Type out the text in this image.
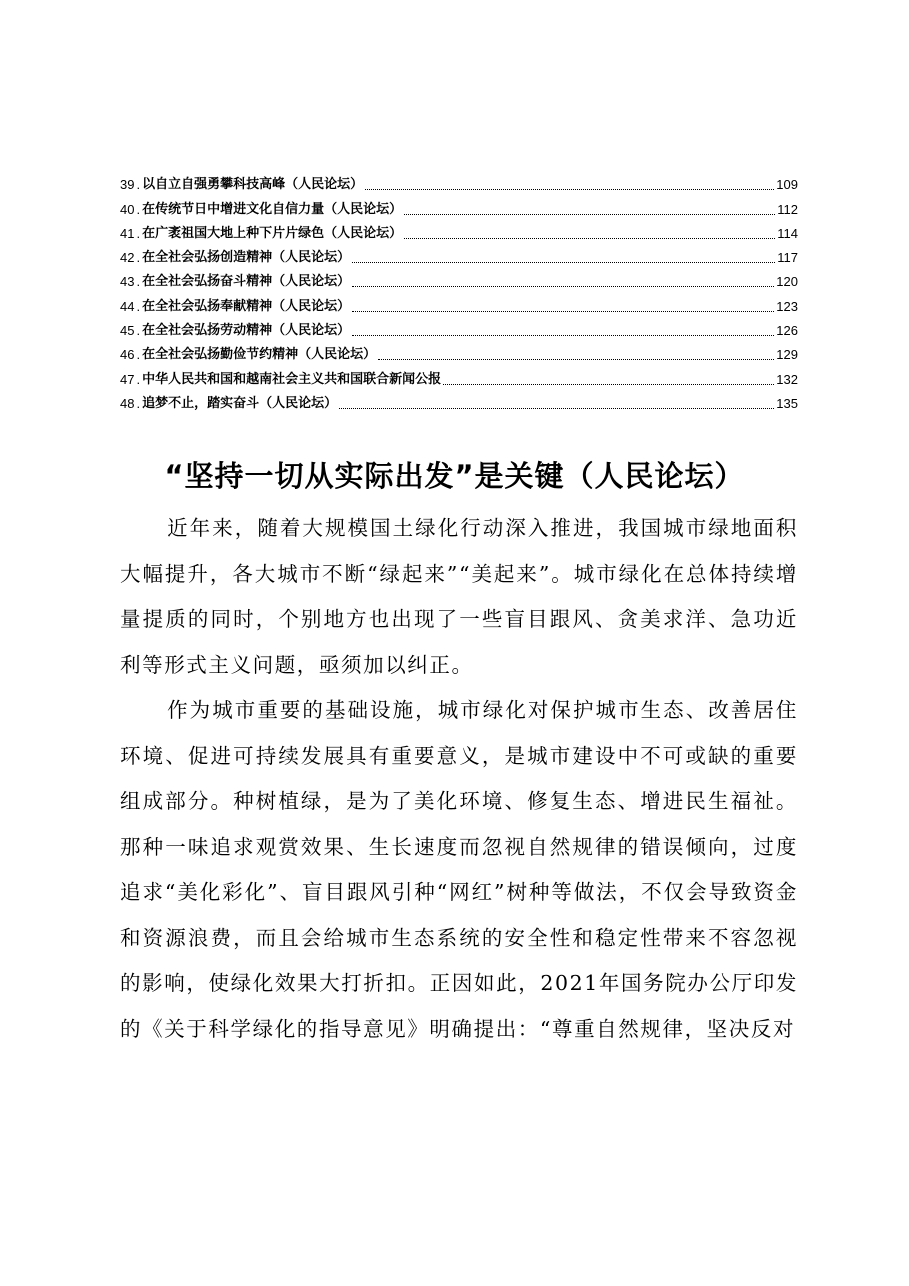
39 . 以自立自强勇攀科技高峰（人民论坛）	109
40 . 在传统节日中增进文化自信力量（人民论坛）	112
41 . 在广袤祖国大地上种下片片绿色（人民论坛）	114
42 . 在全社会弘扬创造精神（人民论坛）	117
43 . 在全社会弘扬奋斗精神（人民论坛）	120
44 . 在全社会弘扬奉献精神（人民论坛）	123
45 . 在全社会弘扬劳动精神（人民论坛）	126
46 . 在全社会弘扬勤俭节约精神（人民论坛）	129
47 . 中华人民共和国和越南社会主义共和国联合新闻公报	132
48 . 追梦不止，踏实奋斗（人民论坛）	135
“坚持一切从实际出发”是关键（人民论坛）

近年来，随着大规模国土绿化行动深入推进，我国城市绿地面积大幅提升，各大城市不断“绿起来”“美起来”。城市绿化在总体持续增量提质的同时，个别地方也出现了一些盲目跟风、贪美求洋、急功近利等形式主义问题，亟须加以纠正。

作为城市重要的基础设施，城市绿化对保护城市生态、改善居住环境、促进可持续发展具有重要意义，是城市建设中不可或缺的重要组成部分。种树植绿，是为了美化环境、修复生态、增进民生福祉。那种一味追求观赏效果、生长速度而忽视自然规律的错误倾向，过度追求“美化彩化”、盲目跟风引种“网红”树种等做法，不仅会导致资金和资源浪费，而且会给城市生态系统的安全性和稳定性带来不容忽视的影响，使绿化效果大打折扣。正因如此，2021年国务院办公厅印发的《关于科学绿化的指导意见》明确提出：“尊重自然规律，坚决反对
